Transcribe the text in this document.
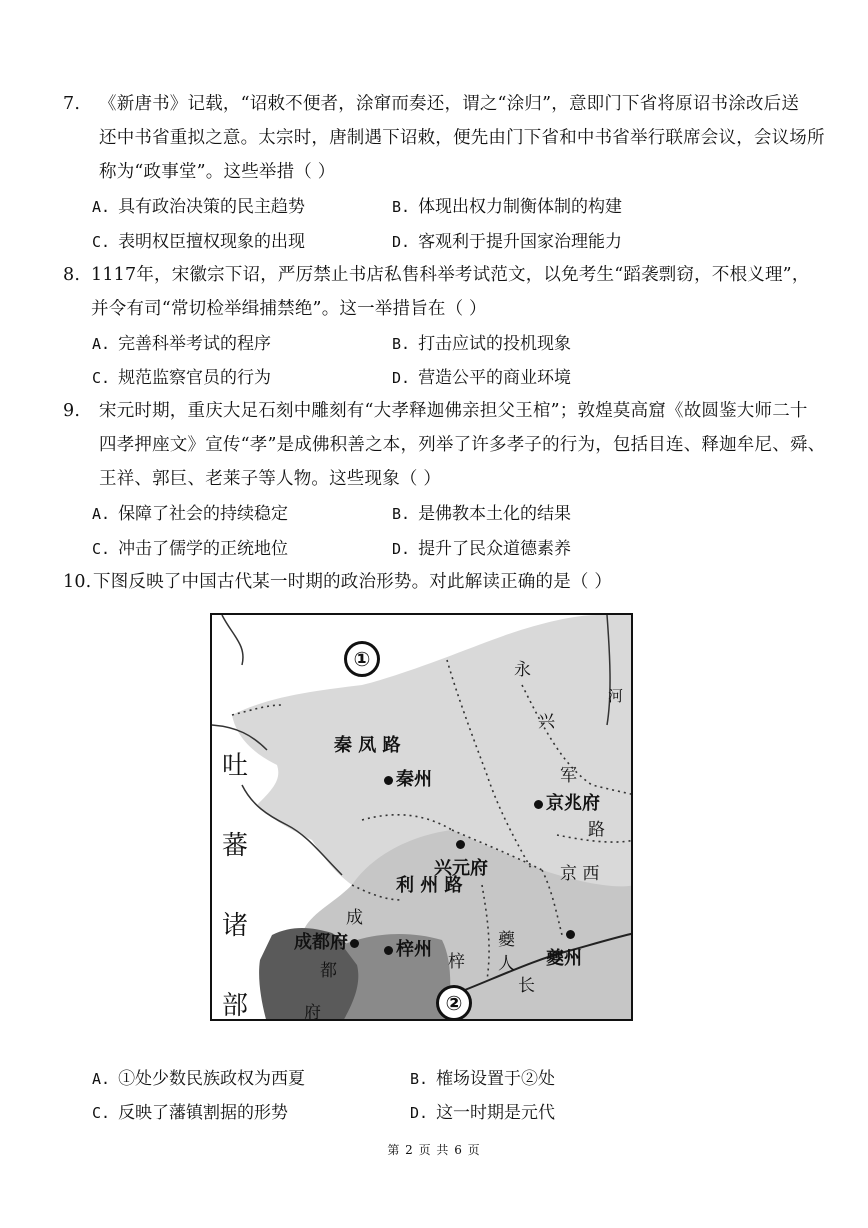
7. 《新唐书》记载，“诏敕不便者，涂窜而奏还，谓之“涂归”，意即门下省将原诏书涂改后送
还中书省重拟之意。太宗时，唐制遇下诏敕，便先由门下省和中书省举行联席会议，会议场所
称为“政事堂”。这些举措（ ）
A. 具有政治决策的民主趋势	B. 体现出权力制衡体制的构建
C. 表明权臣擅权现象的出现	D. 客观利于提升国家治理能力
8. 1117年，宋徽宗下诏，严厉禁止书店私售科举考试范文，以免考生“蹈袭剽窃，不根义理”，
并令有司“常切检举缉捕禁绝”。这一举措旨在（ ）
A. 完善科举考试的程序	B. 打击应试的投机现象
C. 规范监察官员的行为	D. 营造公平的商业环境
9. 宋元时期，重庆大足石刻中雕刻有“大孝释迦佛亲担父王棺”；敦煌莫高窟《故圆鉴大师二十
四孝押座文》宣传“孝”是成佛积善之本，列举了许多孝子的行为，包括目连、释迦牟尼、舜、
王祥、郭巨、老莱子等人物。这些现象（ ）
A. 保障了社会的持续稳定	B. 是佛教本土化的结果
C. 冲击了儒学的正统地位	D. 提升了民众道德素养
10.下图反映了中国古代某一时期的政治形势。对此解读正确的是（ ）
①
②
吐
蕃
诸
部
秦 凤 路
秦州
永
兴
军
京兆府
路

兴元府
利 州 路
京 西
成
成都府
都
府
梓州
梓
夔

夔州
人
长
河
A. ①处少数民族政权为西夏	B. 榷场设置于②处
C. 反映了藩镇割据的形势	D. 这一时期是元代
第 2 页 共 6 页
